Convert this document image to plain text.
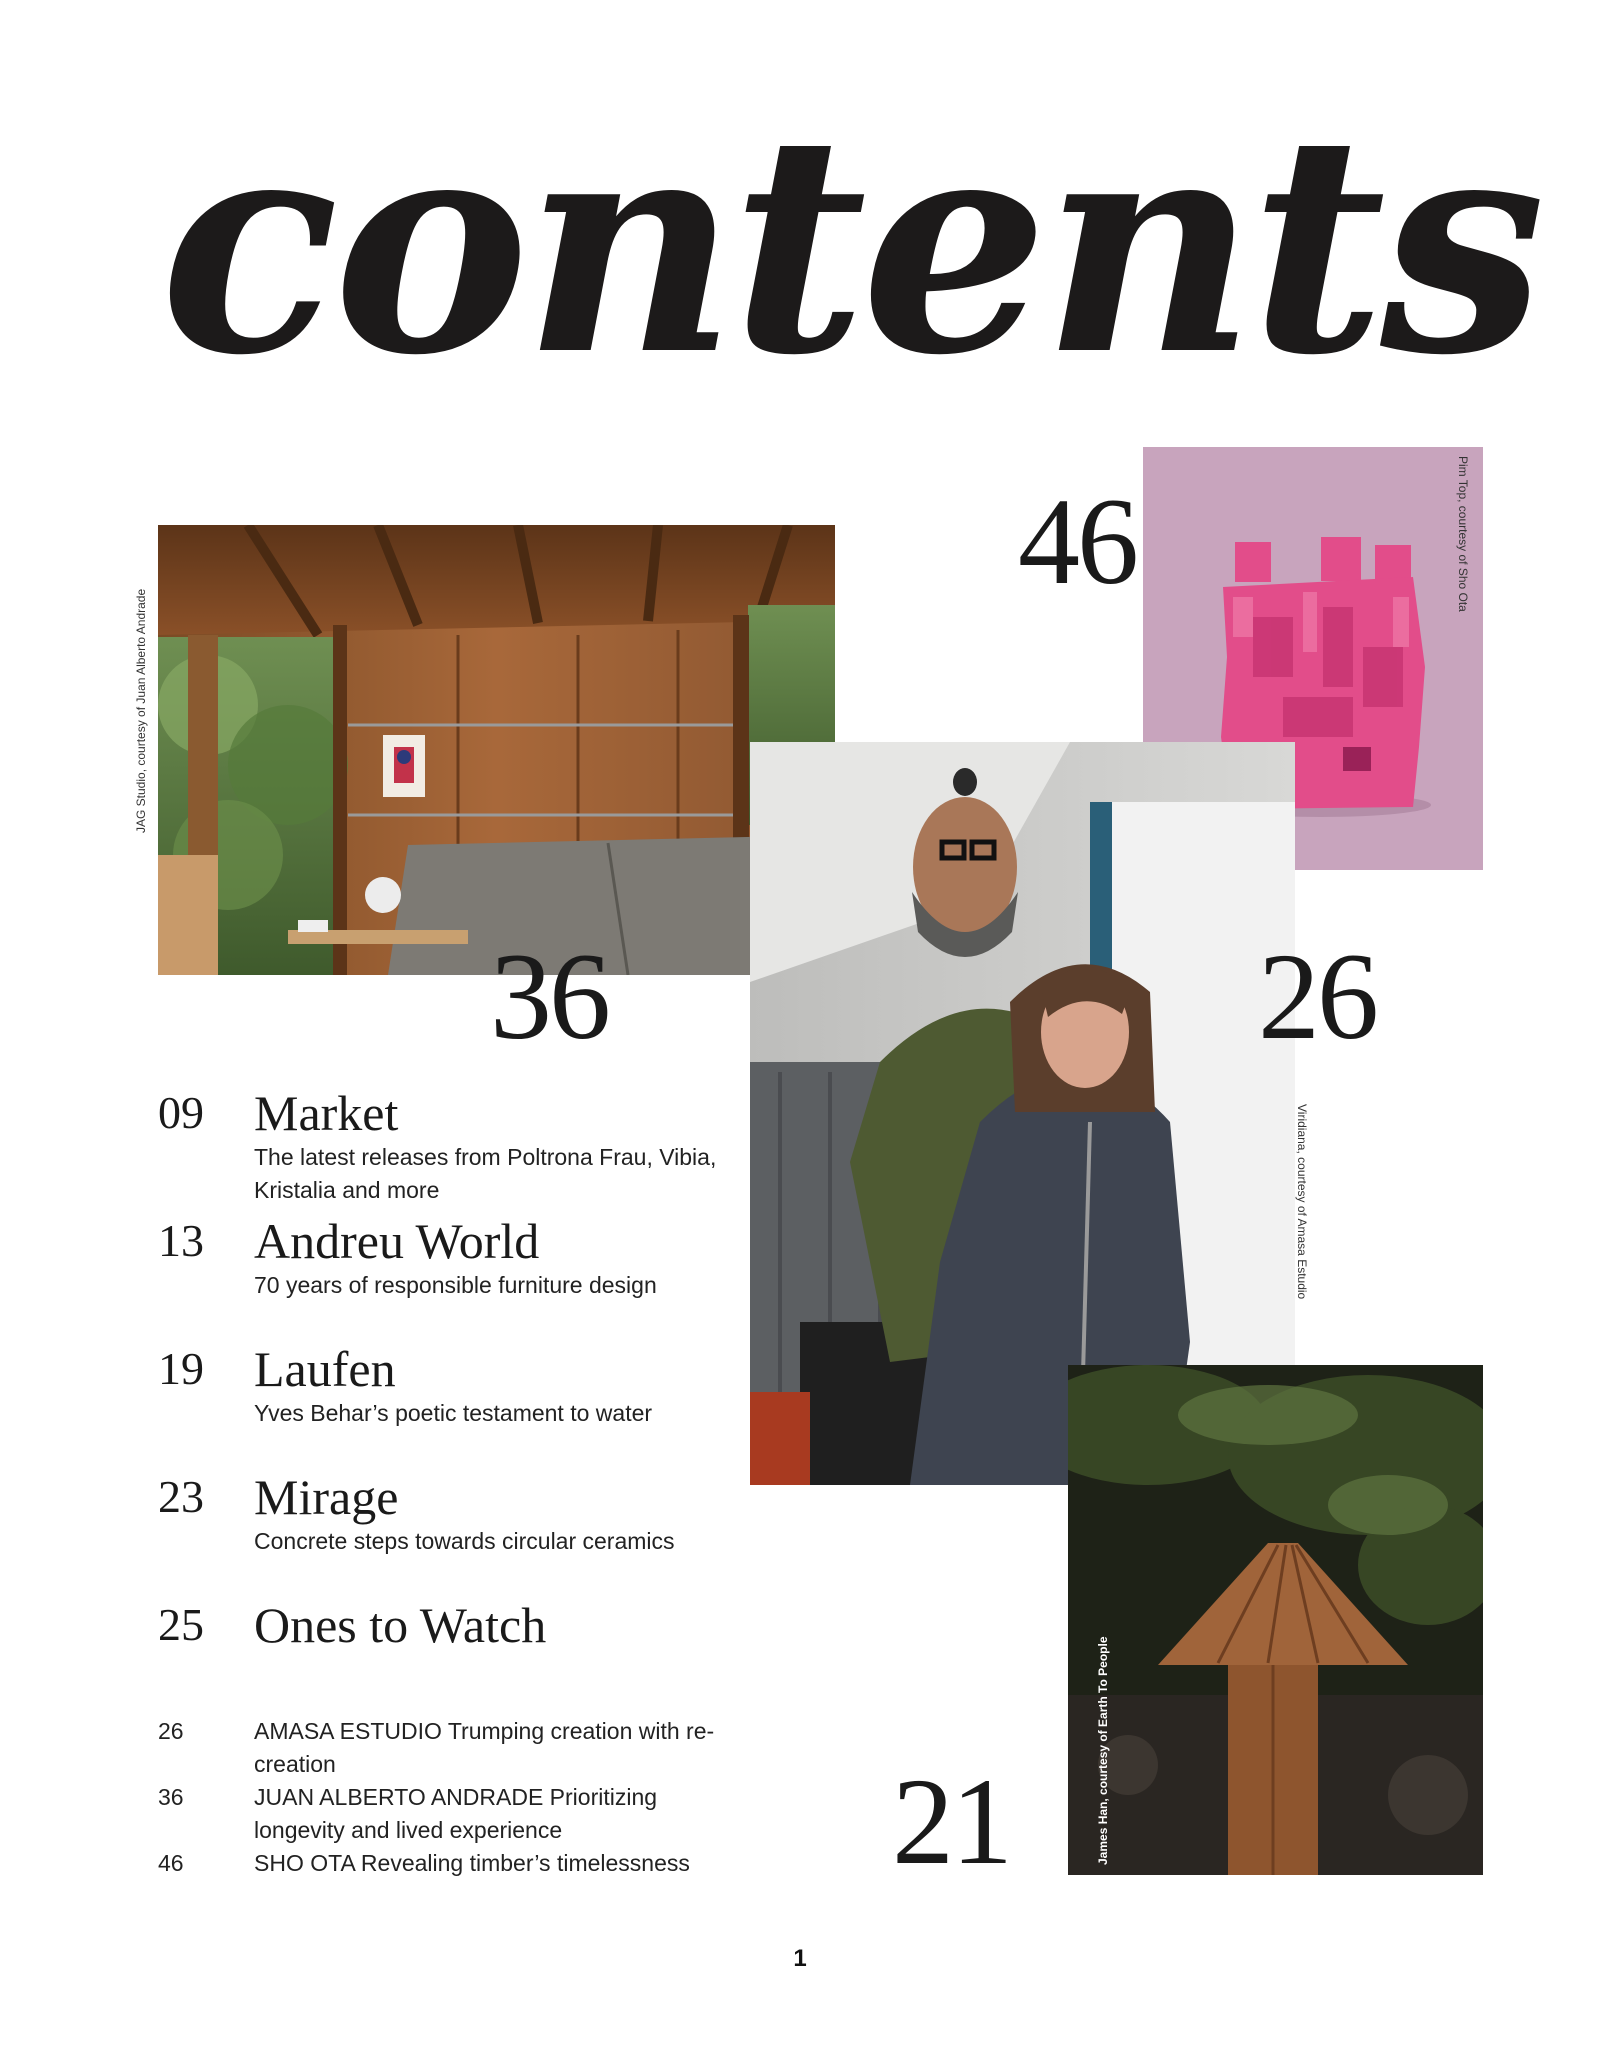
contents
JAG Studio, courtesy of Juan Alberto Andrade
Pim Top, courtesy of Sho Ota
Viridiana, courtesy of Amasa Estudio
James Han, courtesy of Earth To People
46
36	26
21
09 Market
The latest releases from Poltrona Frau, Vibia, Kristalia and more
13 Andreu World
70 years of responsible furniture design
19 Laufen
Yves Behar’s poetic testament to water
23 Mirage
Concrete steps towards circular ceramics
25 Ones to Watch
26	AMASA ESTUDIO Trumping creation with re-creation
36	JUAN ALBERTO ANDRADE Prioritizing longevity and lived experience
46	SHO OTA Revealing timber’s timelessness
1
